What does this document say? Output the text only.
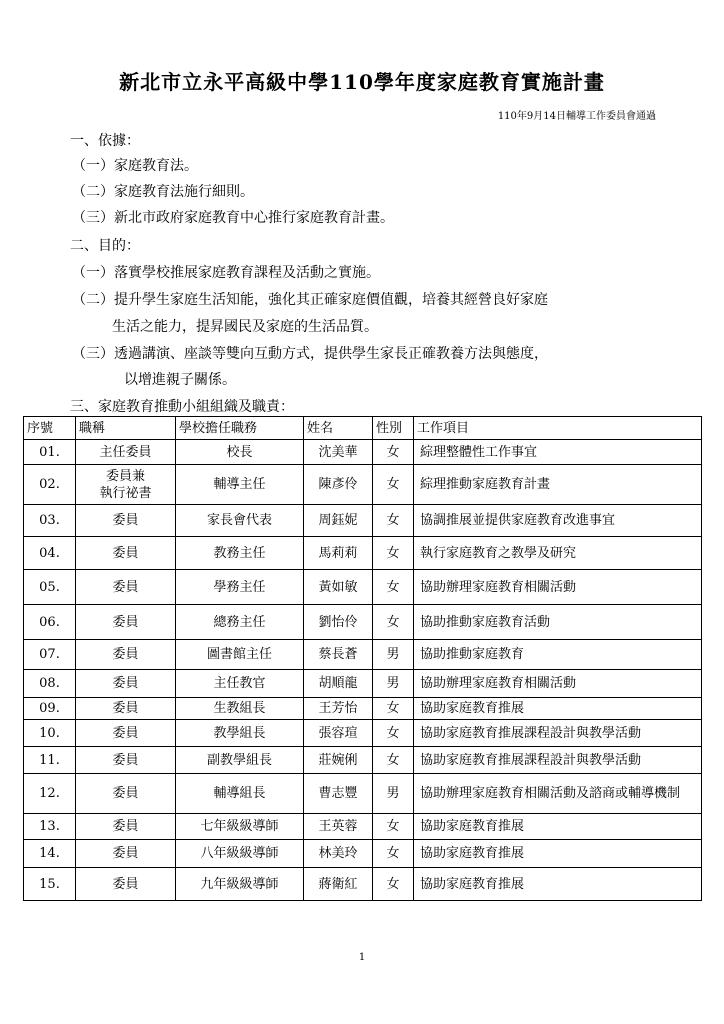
新北市立永平高級中學110學年度家庭教育實施計畫
110年9月14日輔導工作委員會通過
一、依據：
（一）家庭教育法。
（二）家庭教育法施行細則。
（三）新北市政府家庭教育中心推行家庭教育計畫。
二、目的：
（一）落實學校推展家庭教育課程及活動之實施。
（二）提升學生家庭生活知能，強化其正確家庭價值觀，培養其經營良好家庭
生活之能力，提昇國民及家庭的生活品質。
（三）透過講演、座談等雙向互動方式，提供學生家長正確教養方法與態度，
以增進親子關係。
三、家庭教育推動小組組織及職責：
序號	職稱	學校擔任職務	姓名	性別	工作項目
01.	主任委員	校長	沈美華	女	綜理整體性工作事宜
02.	委員兼
執行祕書	輔導主任	陳彥伶	女	綜理推動家庭教育計畫
03.	委員	家長會代表	周鈺妮	女	協調推展並提供家庭教育改進事宜
04.	委員	教務主任	馬莉莉	女	執行家庭教育之教學及研究
05.	委員	學務主任	黃如敏	女	協助辦理家庭教育相關活動
06.	委員	總務主任	劉怡伶	女	協助推動家庭教育活動
07.	委員	圖書館主任	蔡長蒼	男	協助推動家庭教育
08.	委員	主任教官	胡順龍	男	協助辦理家庭教育相關活動
09.	委員	生教組長	王芳怡	女	協助家庭教育推展
10.	委員	教學組長	張容瑄	女	協助家庭教育推展課程設計與教學活動
11.	委員	副教學組長	莊婉俐	女	協助家庭教育推展課程設計與教學活動
12.	委員	輔導組長	曹志豐	男	協助辦理家庭教育相關活動及諮商或輔導機制
13.	委員	七年級級導師	王英蓉	女	協助家庭教育推展
14.	委員	八年級級導師	林美玲	女	協助家庭教育推展
15.	委員	九年級級導師	蔣衛紅	女	協助家庭教育推展
1
